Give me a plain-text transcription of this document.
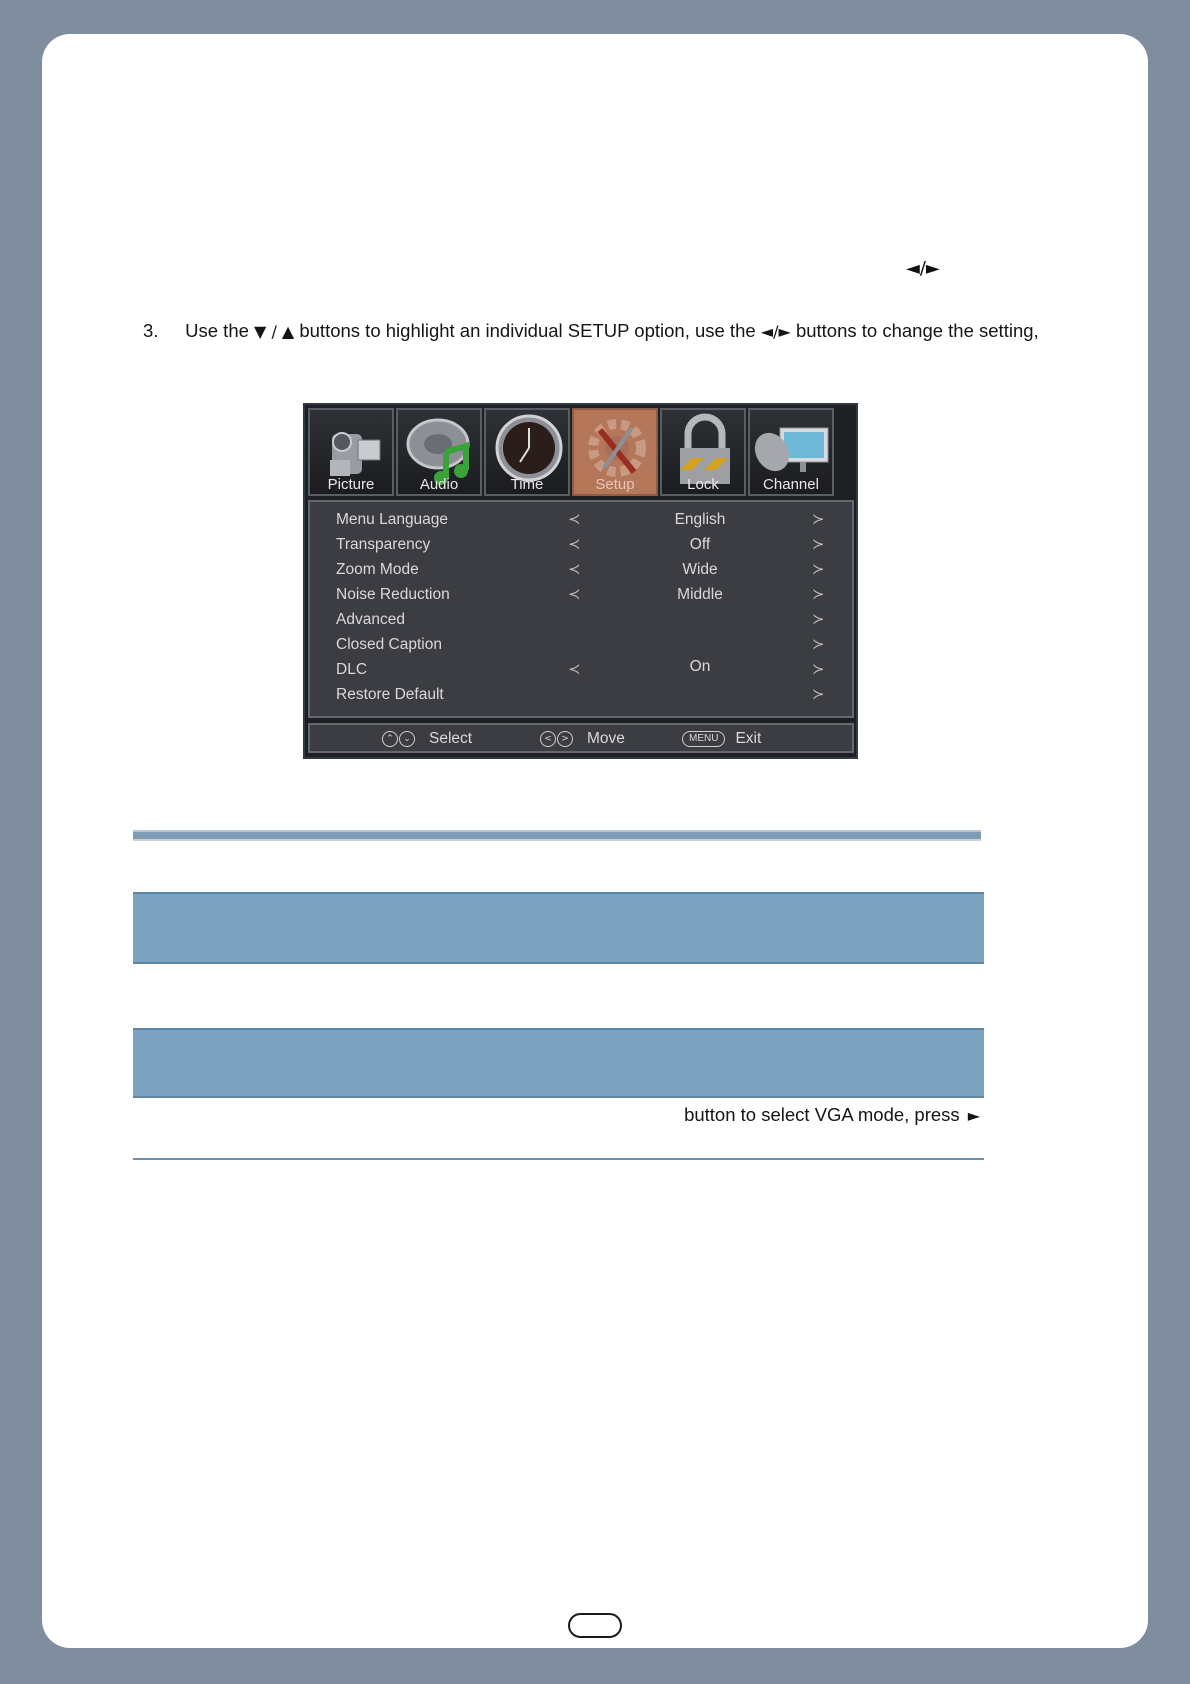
◄/►
3. Use the ▼ / ▲ buttons to highlight an individual SETUP option, use the ◄/► buttons to change the setting,
Picture	Audio	Time	Setup	Lock	Channel
Menu Language	≺	English	≻
Transparency	≺	Off	≻
Zoom Mode	≺	Wide	≻
Noise Reduction	≺	Middle	≻
Advanced	≻
Closed Caption	≻
DLC	≺	On	≻
Restore Default	≻
⌃ ⌄ Select	< > Move	MENU Exit
button to select VGA mode, press ►
